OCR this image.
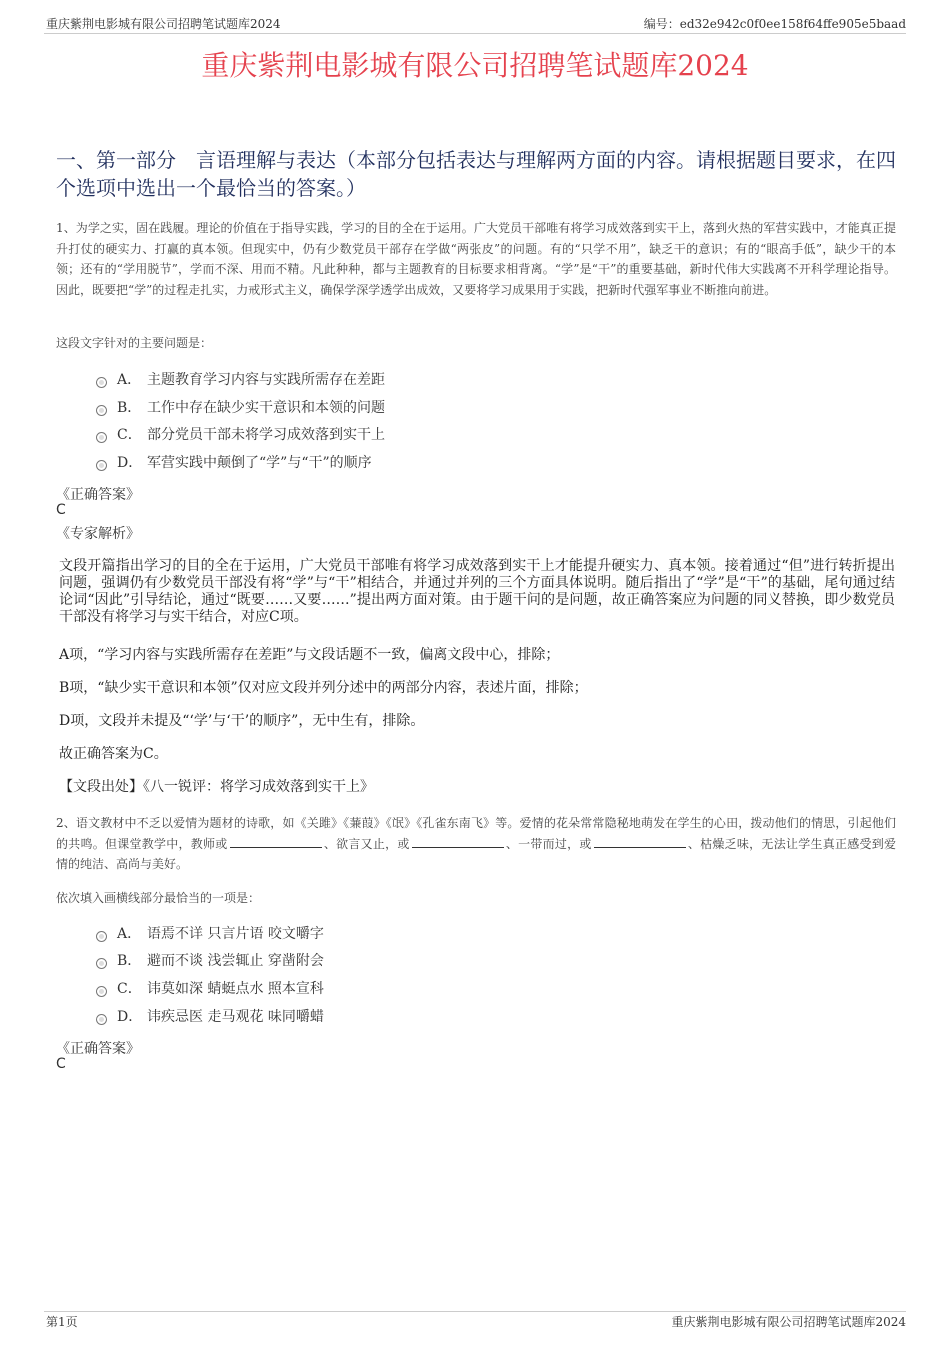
重庆紫荆电影城有限公司招聘笔试题库2024	编号：ed32e942c0f0ee158f64ffe905e5baad
重庆紫荆电影城有限公司招聘笔试题库2024
一、第一部分　言语理解与表达（本部分包括表达与理解两方面的内容。请根据题目要求，在四个选项中选出一个最恰当的答案。）
1、为学之实，固在践履。理论的价值在于指导实践，学习的目的全在于运用。广大党员干部唯有将学习成效落到实干上，落到火热的军营实践中，才能真正提升打仗的硬实力、打赢的真本领。但现实中，仍有少数党员干部存在学做“两张皮”的问题。有的“只学不用”，缺乏干的意识；有的“眼高手低”，缺少干的本领；还有的“学用脱节”，学而不深、用而不精。凡此种种，都与主题教育的目标要求相背离。“学”是“干”的重要基础，新时代伟大实践离不开科学理论指导。因此，既要把“学”的过程走扎实，力戒形式主义，确保学深学透学出成效，又要将学习成果用于实践，把新时代强军事业不断推向前进。
这段文字针对的主要问题是：
A． 主题教育学习内容与实践所需存在差距
B． 工作中存在缺少实干意识和本领的问题
C． 部分党员干部未将学习成效落到实干上
D． 军营实践中颠倒了“学”与“干”的顺序
《正确答案》
C
《专家解析》
文段开篇指出学习的目的全在于运用，广大党员干部唯有将学习成效落到实干上才能提升硬实力、真本领。接着通过“但”进行转折提出问题，强调仍有少数党员干部没有将“学”与“干”相结合，并通过并列的三个方面具体说明。随后指出了“学”是“干”的基础，尾句通过结论词“因此”引导结论，通过“既要……又要……”提出两方面对策。由于题干问的是问题，故正确答案应为问题的同义替换，即少数党员干部没有将学习与实干结合，对应C项。
A项，“学习内容与实践所需存在差距”与文段话题不一致，偏离文段中心，排除；
B项，“缺少实干意识和本领”仅对应文段并列分述中的两部分内容，表述片面，排除；
D项，文段并未提及“‘学’与‘干’的顺序”，无中生有，排除。
故正确答案为C。
【文段出处】《八一锐评：将学习成效落到实干上》
2、语文教材中不乏以爱情为题材的诗歌，如《关雎》《蒹葭》《氓》《孔雀东南飞》等。爱情的花朵常常隐秘地萌发在学生的心田，拨动他们的情思，引起他们的共鸣。但课堂教学中，教师或	、欲言又止，或	、一带而过，或	、枯燥乏味，无法让学生真正感受到爱情的纯洁、高尚与美好。
依次填入画横线部分最恰当的一项是：
A． 语焉不详 只言片语 咬文嚼字
B． 避而不谈 浅尝辄止 穿凿附会
C． 讳莫如深 蜻蜓点水 照本宣科
D． 讳疾忌医 走马观花 味同嚼蜡
《正确答案》
C
第1页	重庆紫荆电影城有限公司招聘笔试题库2024
